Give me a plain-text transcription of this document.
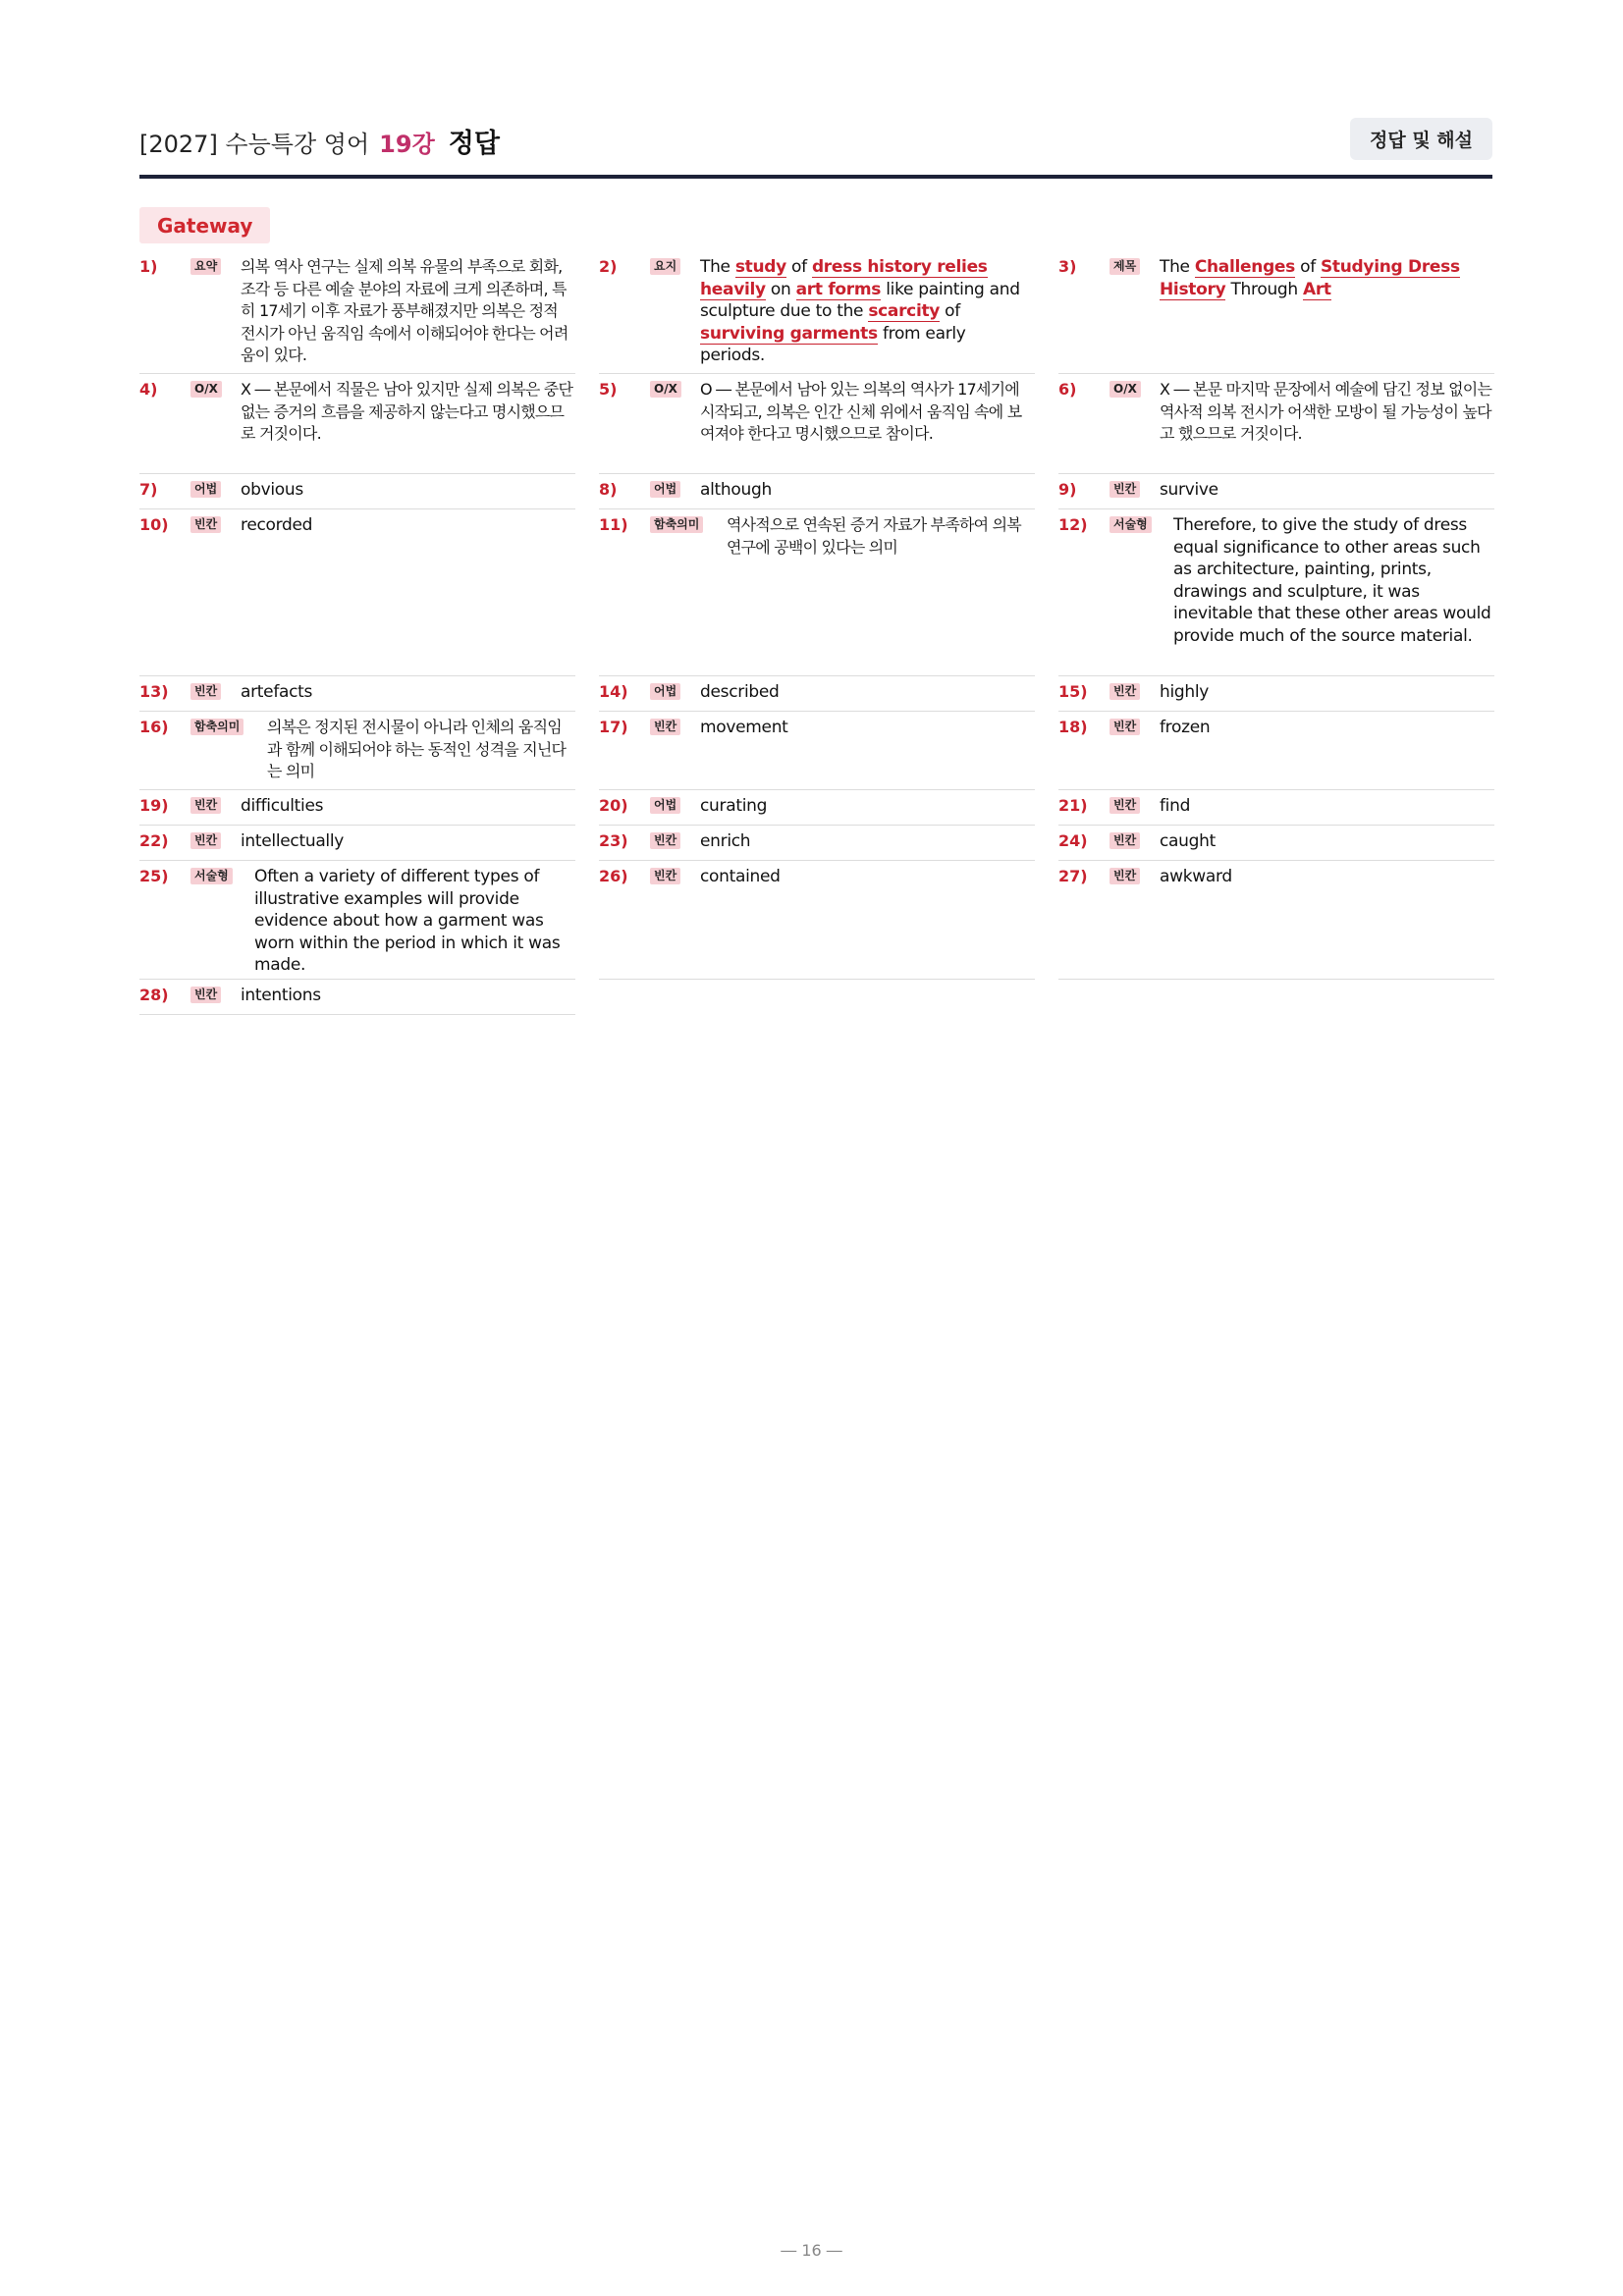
[2027] 수능특강 영어 19강 정답	정답 및 해설
Gateway
1)	요약 의복 역사 연구는 실제 의복 유물의 부족으로 회화, 조각 등 다른 예술 분야의 자료에 크게 의존하며, 특히 17세기 이후 자료가 풍부해졌지만 의복은 정적 전시가 아닌 움직임 속에서 이해되어야 한다는 어려움이 있다.
4)	O/X X ― 본문에서 직물은 남아 있지만 실제 의복은 중단 없는 증거의 흐름을 제공하지 않는다고 명시했으므로 거짓이다.
7)	어법 obvious
10)	빈칸 recorded
13)	빈칸 artefacts
16)	함축의미 의복은 정지된 전시물이 아니라 인체의 움직임과 함께 이해되어야 하는 동적인 성격을 지닌다는 의미
19)	빈칸 difficulties
22)	빈칸 intellectually
25)	서술형 Often a variety of different types of illustrative examples will provide evidence about how a garment was worn within the period in which it was made.
28)	빈칸 intentions
2)	요지 The study of dress history relies heavily on art forms like painting and sculpture due to the scarcity of surviving garments from early periods.
5)	O/X O ― 본문에서 남아 있는 의복의 역사가 17세기에 시작되고, 의복은 인간 신체 위에서 움직임 속에 보여져야 한다고 명시했으므로 참이다.
8)	어법 although
11)	함축의미 역사적으로 연속된 증거 자료가 부족하여 의복 연구에 공백이 있다는 의미
14)	어법 described
17)	빈칸 movement
20)	어법 curating
23)	빈칸 enrich
26)	빈칸 contained
3)	제목 The Challenges of Studying Dress History Through Art
6)	O/X X ― 본문 마지막 문장에서 예술에 담긴 정보 없이는 역사적 의복 전시가 어색한 모방이 될 가능성이 높다고 했으므로 거짓이다.
9)	빈칸 survive
12)	서술형 Therefore, to give the study of dress equal significance to other areas such as architecture, painting, prints, drawings and sculpture, it was inevitable that these other areas would provide much of the source material.
15)	빈칸 highly
18)	빈칸 frozen
21)	빈칸 find
24)	빈칸 caught
27)	빈칸 awkward
― 16 ―
